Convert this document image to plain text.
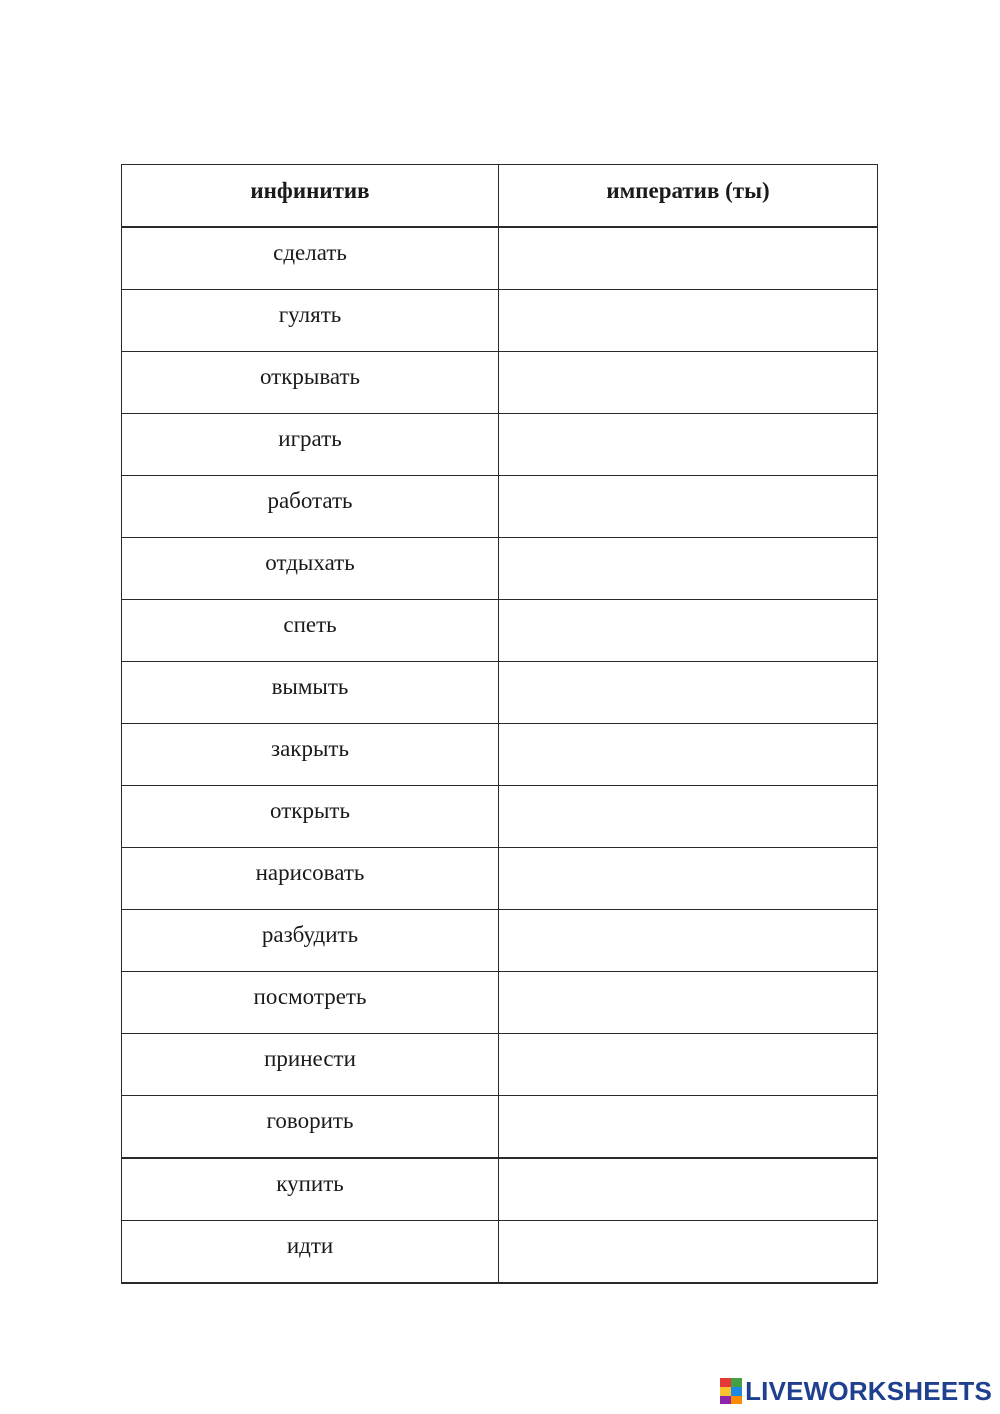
инфинитив	императив (ты)
сделать	
гулять	
открывать	
играть	
работать	
отдыхать	
спеть	
вымыть	
закрыть	
открыть	
нарисовать	
разбудить	
посмотреть	
принести	
говорить	
купить	
идти	
LIVEWORKSHEETS
